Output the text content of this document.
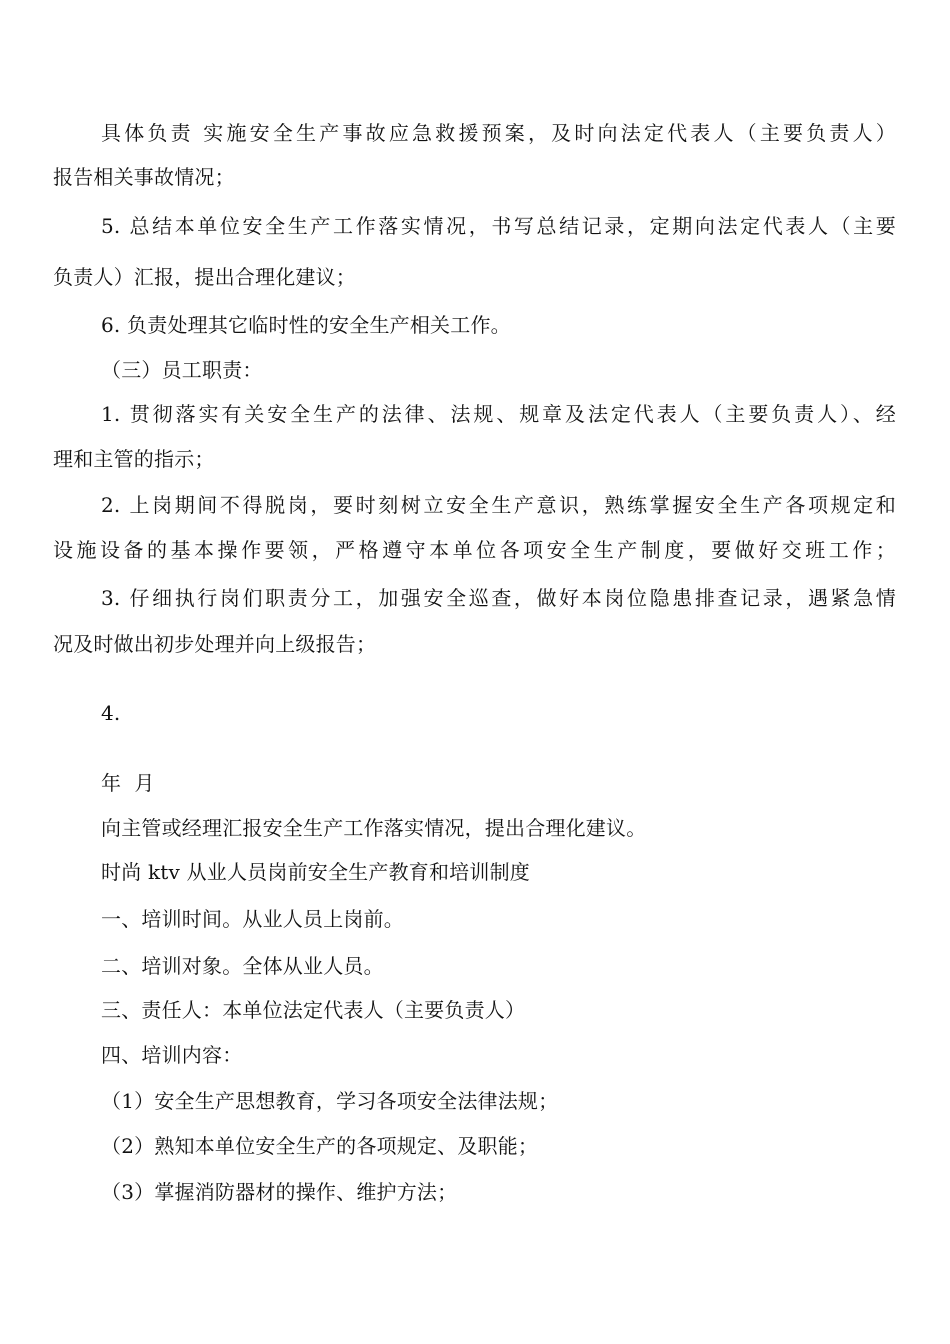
具体负责 实施安全生产事故应急救援预案，及时向法定代表人（主要负责人）
报告相关事故情况；
5. 总结本单位安全生产工作落实情况，书写总结记录，定期向法定代表人（主要
负责人）汇报，提出合理化建议；
6. 负责处理其它临时性的安全生产相关工作。
（三）员工职责：
1. 贯彻落实有关安全生产的法律、法规、规章及法定代表人（主要负责人）、经
理和主管的指示；
2. 上岗期间不得脱岗，要时刻树立安全生产意识，熟练掌握安全生产各项规定和
设施设备的基本操作要领，严格遵守本单位各项安全生产制度，要做好交班工作；
3. 仔细执行岗们职责分工，加强安全巡查，做好本岗位隐患排查记录，遇紧急情
况及时做出初步处理并向上级报告；
4.
年  月
向主管或经理汇报安全生产工作落实情况，提出合理化建议。
时尚 ktv 从业人员岗前安全生产教育和培训制度
一、培训时间。从业人员上岗前。
二、培训对象。全体从业人员。
三、责任人：本单位法定代表人（主要负责人）
四、培训内容：
（1）安全生产思想教育，学习各项安全法律法规；
（2）熟知本单位安全生产的各项规定、及职能；
（3）掌握消防器材的操作、维护方法；
